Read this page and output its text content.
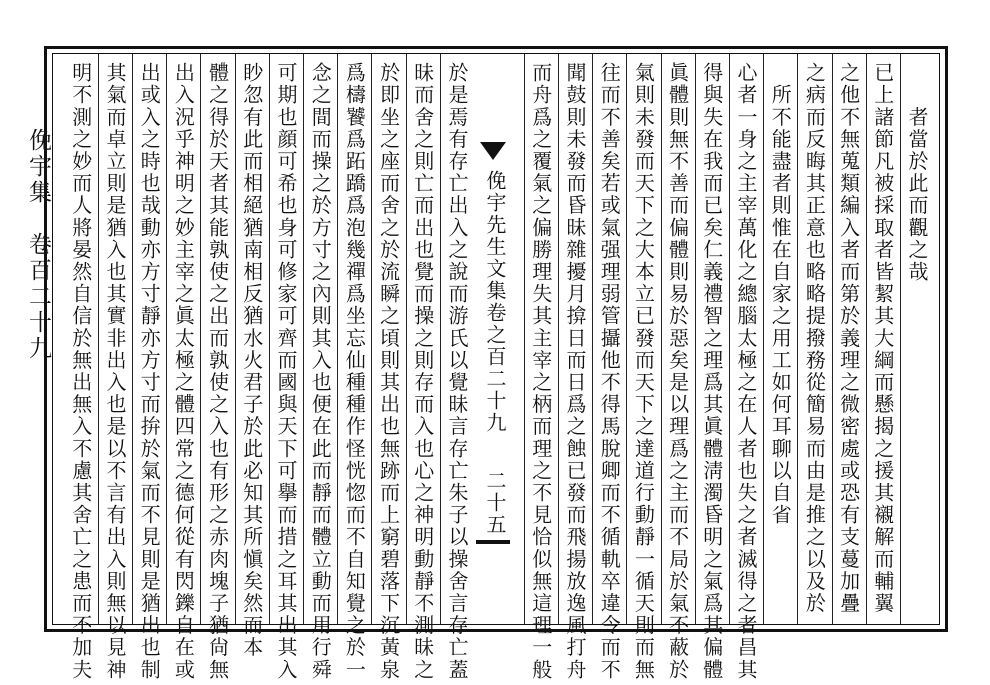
俛宇集　卷百二十九	俛宇先生文集卷之百二十九
二十五
　　者當於此而觀之哉
已上諸節凡被採取者皆絜其大綱而懸揭之援其襯解而輔翼
之他不無蒐類編入者而第於義理之微密處或恐有支蔓加疊
之病而反晦其正意也略略提撥務從簡易而由是推之以及於
　所不能盡者則惟在自家之用工如何耳聊以自省
心者一身之主宰萬化之總腦太極之在人者也失之者滅得之者昌其
得與失在我而已矣仁義禮智之理爲其眞體淸濁昏明之氣爲其偏體
眞體則無不善而偏體則易於惡矣是以理爲之主而不局於氣不蔽於
氣則未發而天下之大本立已發而天下之達道行動靜一循天則而無
往而不善矣若或氣强理弱管攝他不得馬脫卿而不循軌卒違令而不
聞鼓則未發而昏昧雜擾月揜日而日爲之蝕已發而飛揚放逸風打舟
而舟爲之覆氣之偏勝理失其主宰之柄而理之不見恰似無這理一般
於是焉有存亡出入之說而游氏以覺昧言存亡朱子以操舍言存亡蓋
昧而舍之則亡而出也覺而操之則存而入也心之神明動靜不測昧之
於即坐之座而舍之於流瞬之頃則其出也無跡而上窮碧落下沉黃泉
爲檮饕爲跖蹻爲泡幾禪爲坐忘仙種種作怪恍惚而不自知覺之於一
念之間而操之於方寸之內則其入也便在此而靜而體立動而用行舜
可期也顔可希也身可修家可齊而國與天下可擧而措之耳其出其入
眇忽有此而相絕猶南相反猶水火君子於此必知其所愼矣然而本
體之得於天者其能孰使之出而孰使之入也有形之赤肉塊子猶尙無
出入況乎神明之妙主宰之眞太極之體四常之德何從有閃鑠自在或
出或入之時也哉動亦方寸靜亦方寸而拚於氣而不見則是猶出也制
其氣而卓立則是猶入也其實非出入也是以不言有出入則無以見神
明不測之妙而人將晏然自信於無出無入不慮其舍亡之患而不加夫
